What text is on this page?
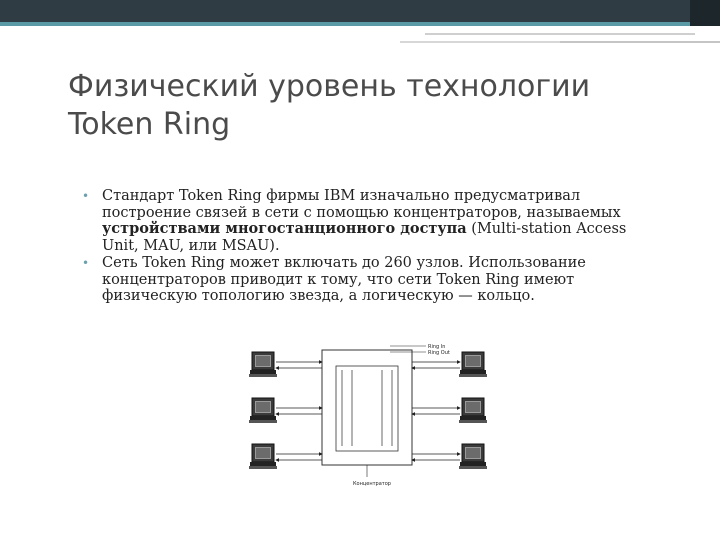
Физический уровень технологии Token Ring
• Стандарт Token Ring фирмы IBM изначально предусматривал построение связей в сети с помощью концентраторов, называемых устройствами многостанционного доступа (Multi-station Access Unit, MAU, или MSAU).
• Сеть Token Ring может включать до 260 узлов. Использование концентраторов приводит к тому, что сети Token Ring имеют физическую топологию звезда, а логическую — кольцо.
Ring In
Ring Out
Концентратор
